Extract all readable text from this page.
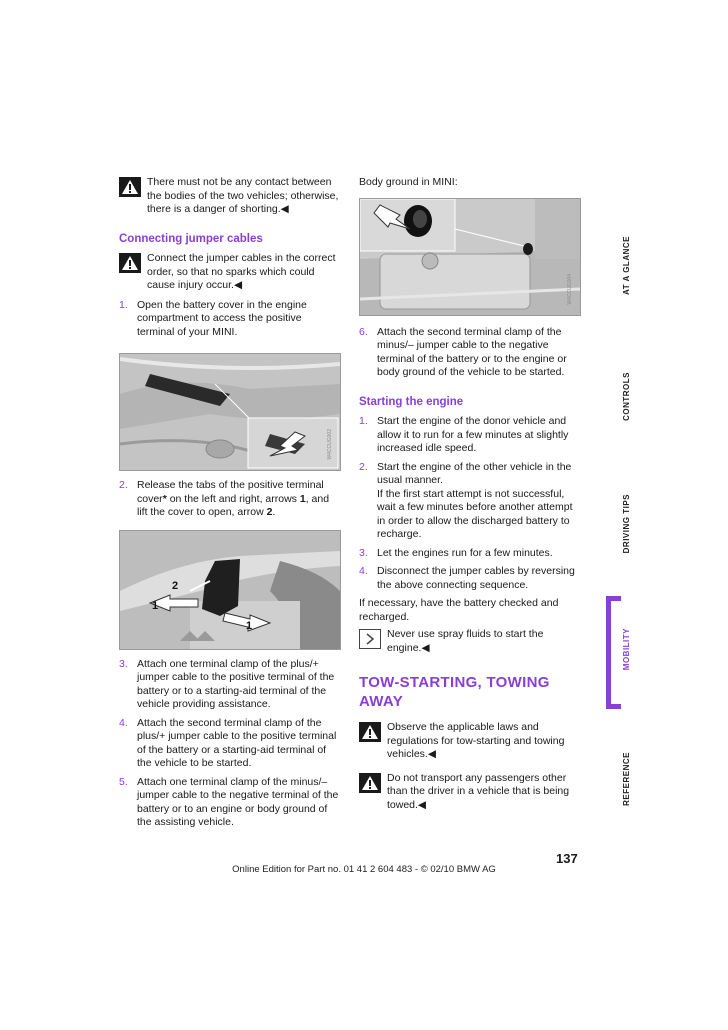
There must not be any contact between the bodies of the two vehicles; otherwise, there is a danger of shorting.◀

Connecting jumper cables

Connect the jumper cables in the correct order, so that no sparks which could cause injury occur.◀

1. Open the battery cover in the engine compartment to access the positive terminal of your MINI.
W4CCUG002
2. Release the tabs of the positive terminal cover* on the left and right, arrows 1, and lift the cover to open, arrow 2.
1
2
1	W4CCUG003
3. Attach one terminal clamp of the plus/+ jumper cable to the positive terminal of the battery or to a starting-aid terminal of the vehicle providing assistance.
4. Attach the second terminal clamp of the plus/+ jumper cable to the positive terminal of the battery or a starting-aid terminal of the vehicle to be started.
5. Attach one terminal clamp of the minus/– jumper cable to the negative terminal of the battery or to an engine or body ground of the assisting vehicle.

Body ground in MINI:

W4CCUG004
6. Attach the second terminal clamp of the minus/– jumper cable to the negative terminal of the battery or to the engine or body ground of the vehicle to be started.
Starting the engine
1. Start the engine of the donor vehicle and allow it to run for a few minutes at slightly increased idle speed.
2. Start the engine of the other vehicle in the usual manner.
If the first start attempt is not successful, wait a few minutes before another attempt in order to allow the discharged battery to recharge.
3. Let the engines run for a few minutes.
4. Disconnect the jumper cables by reversing the above connecting sequence.

If necessary, have the battery checked and recharged.

Never use spray fluids to start the engine.◀

TOW-STARTING, TOWING AWAY

Observe the applicable laws and regulations for tow-starting and towing vehicles.◀

Do not transport any passengers other than the driver in a vehicle that is being towed.◀

AT A GLANCE
CONTROLS
DRIVING TIPS
MOBILITY
REFERENCE
137
Online Edition for Part no. 01 41 2 604 483 - © 02/10 BMW AG
